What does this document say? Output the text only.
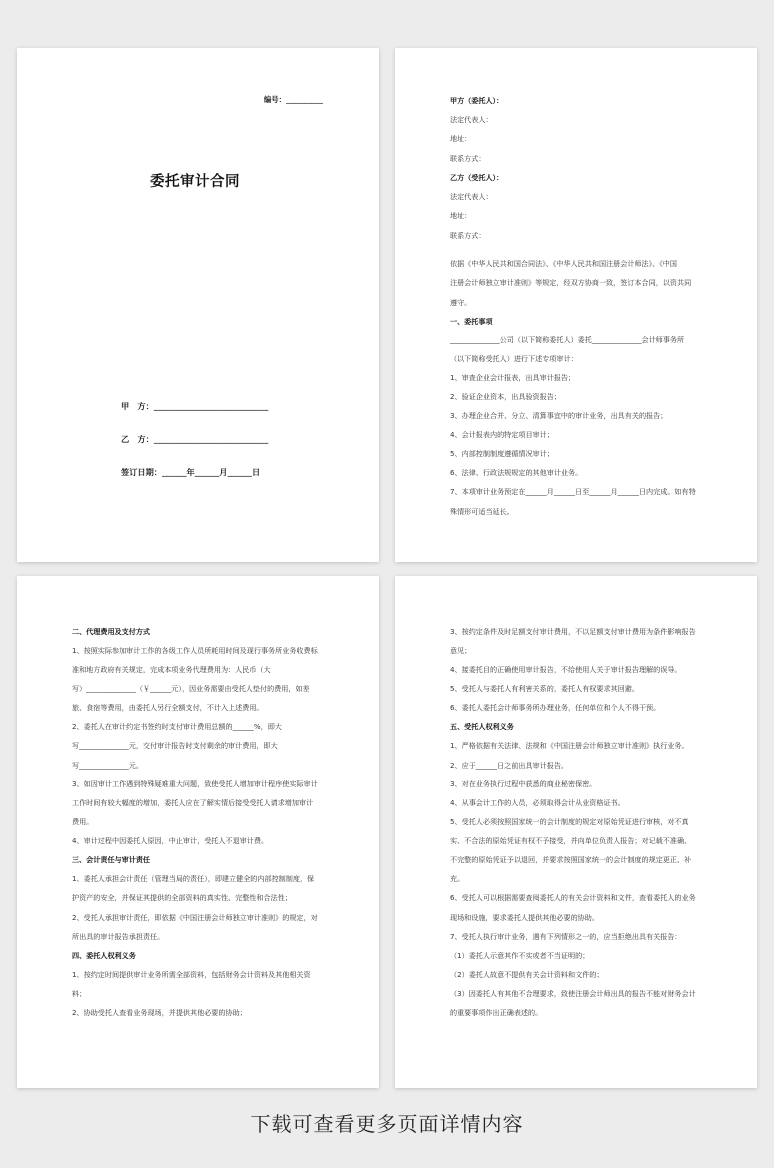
编号：__________
委托审计合同
甲　方：____________________________
乙　方：____________________________
签订日期：______年______月______日
甲方（委托人）：
法定代表人：
地址：
联系方式：
乙方（受托人）：
法定代表人：
地址：
联系方式：
依据《中华人民共和国合同法》、《中华人民共和国注册会计师法》、《中国
注册会计师独立审计准则》等规定，经双方协商一致，签订本合同，以资共同
遵守。
一、委托事项
______________公司（以下简称委托人）委托______________会计师事务所
（以下简称受托人）进行下述专项审计：
1、审查企业会计报表，出具审计报告；
2、验证企业资本，出具验资报告；
3、办理企业合并、分立、清算事宜中的审计业务，出具有关的报告；
4、会计报表内的特定项目审计；
5、内部控制制度遵循情况审计；
6、法律、行政法规规定的其他审计业务。
7、本项审计业务预定在______月______日至______月______日内完成。如有特
殊情形可适当延长。
二、代理费用及支付方式
1、按照实际参加审计工作的各级工作人员所耗用时间及现行事务所业务收费标
准和地方政府有关规定，完成本项业务代理费用为：人民币（大
写）______________（￥______元），因业务需要由受托人垫付的费用，如差
旅、食宿等费用，由委托人另行全额支付，不计入上述费用。
2、委托人在审计约定书签约时支付审计费用总额的______%，即大
写______________元，交付审计报告时支付剩余的审计费用，即大
写______________元。
3、如因审计工作遇到特殊疑难重大问题，致使受托人增加审计程序使实际审计
工作时间有较大幅度的增加，委托人应在了解实情后接受受托人请求增加审计
费用。
4、审计过程中因委托人原因，中止审计，受托人不退审计费。
三、会计责任与审计责任
1、委托人承担会计责任（管理当局的责任），即建立健全的内部控制制度，保
护资产的安全，并保证其提供的全部资料的真实性、完整性和合法性；
2、受托人承担审计责任，即依据《中国注册会计师独立审计准则》的规定，对
所出具的审计报告承担责任。
四、委托人权利义务
1、按约定时间提供审计业务所需全部资料，包括财务会计资料及其他相关资
料；
2、协助受托人查看业务现场，并提供其他必要的协助；
3、按约定条件及时足额支付审计费用，不以足额支付审计费用为条件影响报告
意见；
4、接委托目的正确使用审计报告，不给使用人关于审计报告理解的误导。
5、受托人与委托人有利害关系的，委托人有权要求其回避。
6、委托人委托会计师事务所办理业务，任何单位和个人不得干预。
五、受托人权利义务
1、严格依据有关法律、法规和《中国注册会计师独立审计准则》执行业务。
2、应于______日之前出具审计报告。
3、对在业务执行过程中获悉的商业秘密保密。
4、从事会计工作的人员，必须取得会计从业资格证书。
5、受托人必须按照国家统一的会计制度的规定对原始凭证进行审核，对不真
实、不合法的原始凭证有权不予接受，并向单位负责人报告；对记载不准确、
不完整的原始凭证予以退回，并要求按照国家统一的会计制度的规定更正、补
充。
6、受托人可以根据需要查阅委托人的有关会计资料和文件，查看委托人的业务
现场和设施，要求委托人提供其他必要的协助。
7、受托人执行审计业务，遇有下列情形之一的，应当拒绝出具有关报告：
（1）委托人示意其作不实或者不当证明的；
（2）委托人故意不提供有关会计资料和文件的；
（3）因委托人有其他不合理要求，致使注册会计师出具的报告不能对财务会计
的重要事项作出正确表述的。
下载可查看更多页面详情内容
